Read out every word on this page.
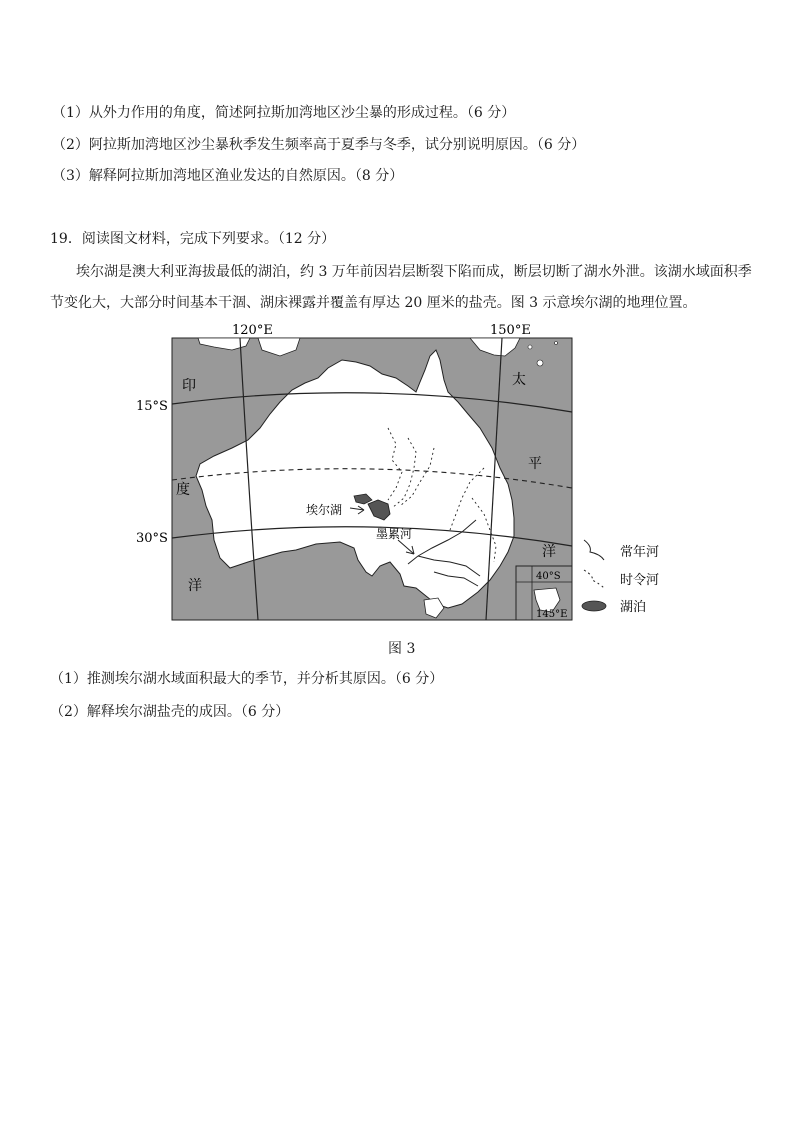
（1）从外力作用的角度，简述阿拉斯加湾地区沙尘暴的形成过程。（6 分）
（2）阿拉斯加湾地区沙尘暴秋季发生频率高于夏季与冬季，试分别说明原因。（6 分）
（3）解释阿拉斯加湾地区渔业发达的自然原因。（8 分）
19．阅读图文材料，完成下列要求。（12 分）
埃尔湖是澳大利亚海拔最低的湖泊，约 3 万年前因岩层断裂下陷而成，断层切断了湖水外泄。该湖水域面积季
节变化大，大部分时间基本干涸、湖床裸露并覆盖有厚达 20 厘米的盐壳。图 3 示意埃尔湖的地理位置。
120°E	150°E
15°S
30°S
印
度
洋
太
平
洋
埃尔湖
墨累河
40°S
145°E
常年河
时令河
湖泊
图 3
（1）推测埃尔湖水域面积最大的季节，并分析其原因。（6 分）
（2）解释埃尔湖盐壳的成因。（6 分）
